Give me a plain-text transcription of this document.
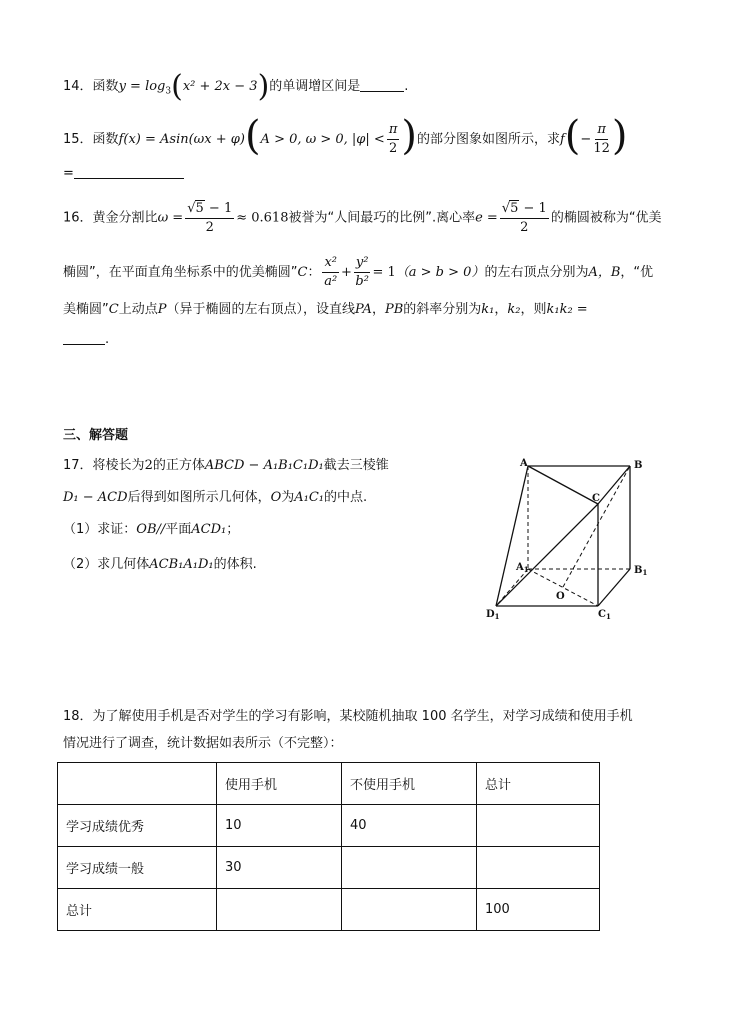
14．函数$y = \log_3(x^2 + 2x - 3)$的单调增区间是	.
15．函数f(x) = Asin(ωx + φ)(A > 0, ω > 0, $|\varphi| < \frac{\pi}{2}$ )的部分图象如图所示，求$f(- \frac{\pi}{12}$ )
=
16．黄金分割比$\omega = \frac{√5 - 1}{2} \approx 0.618$被誉为“人间最巧的比例”.离心率$e = \frac{√5 - 1}{2}$ 的椭圆被称为“优美
椭圆”，在平面直角坐标系中的优美椭圆”C： $\frac{\text{x²}}{\text{a²}} + \frac{\text{y²}}{\text{b²}} = 1(a > b > 0)$的左右顶点分别为A，B，“优
美椭圆”C上动点P（异于椭圆的左右顶点），设直线PA，PB的斜率分别为k₁，k₂，则k₁k₂ =
.
三、解答题
17．将棱长为2的正方体ABCD − A₁B₁C₁D₁截去三棱锥
D₁ − ACD后得到如图所示几何体，O为A₁C₁的中点.
（1）求证：OB//平面ACD₁；
（2）求几何体ACB₁A₁D₁的体积.
A	B
C
$A_1$	$B_1$
$C_1$
$D_1$
O
18．为了解使用手机是否对学生的学习有影响，某校随机抽取 100 名学生，对学习成绩和使用手机
情况进行了调查，统计数据如表所示（不完整）：
	使用手机	不使用手机	总计
学习成绩优秀	10	40	
学习成绩一般	30		
总计			100
